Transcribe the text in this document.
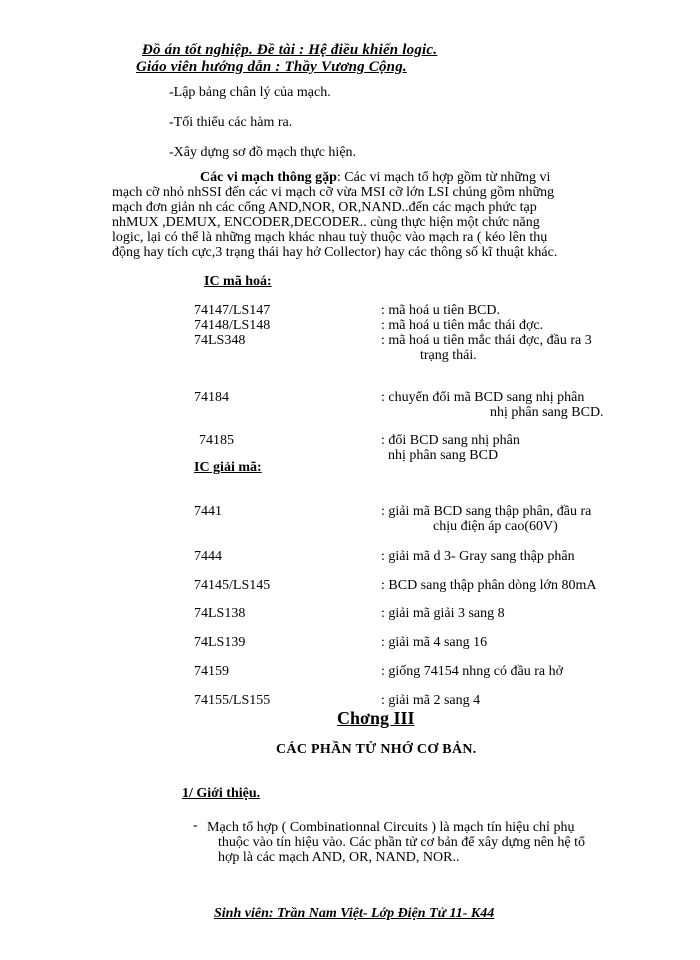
Đồ án tốt nghiệp. Đề tài : Hệ điều khiển logic.
Giáo viên hướng dẫn : Thầy Vương Cộng.
-Lập bảng chân lý của mạch.
-Tối thiểu các hàm ra.
-Xây dựng sơ đồ mạch thực hiện.
Các vi mạch thông gặp: Các vi mạch tổ hợp gồm từ những vi
mạch cỡ nhỏ nhSSI đến các vi mạch cỡ vừa MSI cỡ lớn LSI chúng gồm những
mạch đơn giản nh các cổng AND,NOR, OR,NAND..đến các mạch phức tạp
nhMUX ,DEMUX, ENCODER,DECODER.. cùng thực hiện một chức năng
logic, lại có thể là những mạch khác nhau tuỳ thuộc vào mạch ra ( kéo lên thụ
động hay tích cực,3 trạng thái hay hở Collector) hay các thông số kĩ thuật khác.
IC mã hoá:
74147/LS147	: mã hoá u tiên BCD.
74148/LS148	: mã hoá u tiên mắc thái đợc.
74LS348	: mã hoá u tiên mắc thái đợc, đầu ra 3
trạng thái.
74184	: chuyển đổi mã BCD sang nhị phân
nhị phân sang BCD.
74185	: đổi BCD sang nhị phân
nhị phân sang BCD
IC giải mã:
7441	: giải mã BCD sang thập phân, đầu ra
chịu điện áp cao(60V)
7444	: giải mã d 3- Gray sang thập phân
74145/LS145	: BCD sang thập phân dòng lớn 80mA
74LS138	: giải mã giải 3 sang 8
74LS139	: giải mã 4 sang 16
74159	: giống 74154 nhng có đầu ra hở
74155/LS155	: giải mã 2 sang 4
Chơng III
CÁC PHẦN TỬ NHỚ CƠ BẢN.
1/ Giới thiệu.
- Mạch tổ hợp ( Combinationnal Circuits ) là mạch tín hiệu chỉ phụ
thuộc vào tín hiệu vào. Các phần tử cơ bản để xây dựng nên hệ tổ
hợp là các mạch AND, OR, NAND, NOR..
Sinh viên: Trần Nam Việt- Lớp Điện Tử 11- K44
